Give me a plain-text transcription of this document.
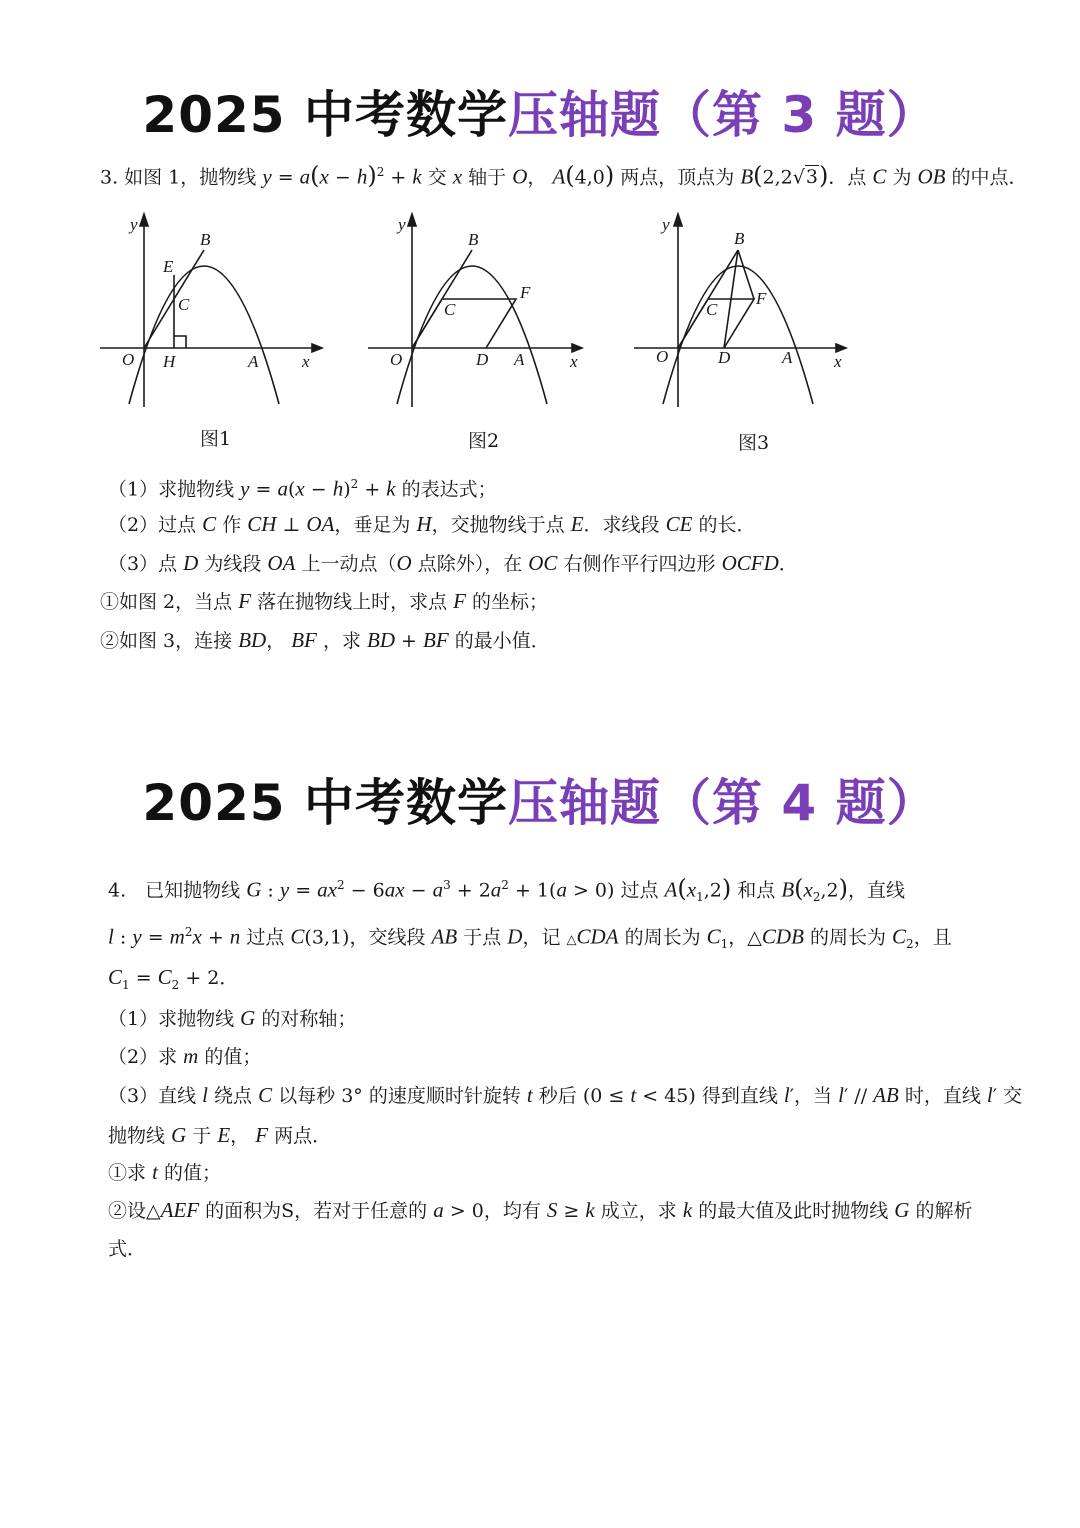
2025 中考数学压轴题（第 3 题）
3. 如图 1，抛物线 $y = a(x - h)^2 + k$ 交 x 轴于 O， A(4,0) 两点，顶点为 B(2,2√3)．点 C 为 OB 的中点．
y
x
O
B
E
C
H	A
图1
y
x
O
B
C
F
D A
图2
y
x
O
B
C
F
D	A
图3
（1）求抛物线 $y = a(x - h)^2 + k$ 的表达式；
（2）过点 C 作 CH ⊥ OA，垂足为 H，交抛物线于点 E．求线段 CE 的长．
（3）点 D 为线段 OA 上一动点（O 点除外），在 OC 右侧作平行四边形 OCFD．
①如图 2，当点 F 落在抛物线上时，求点 F 的坐标；
②如图 3，连接 BD， BF ，求 BD + BF 的最小值．
2025 中考数学压轴题（第 4 题）
4.　已知抛物线 G : $y = ax^2 - 6ax - a^3 + 2a^2 + 1(a > 0)$ 过点 $A(x_1,2)$ 和点 $B(x_2,2)$，直线
l : $y = m^2x + n$ 过点 C(3,1)，交线段 AB 于点 D，记 △CDA 的周长为 $C_1$，△CDB 的周长为 $C_2$，且
$C_1 = C_2 + 2$．
（1）求抛物线 G 的对称轴；
（2）求 m 的值；
（3）直线 l 绕点 C 以每秒 3° 的速度顺时针旋转 t 秒后 (0 ≤ t < 45) 得到直线 l′，当 l′ // AB 时，直线 l′ 交
抛物线 G 于 E， F 两点．
①求 t 的值；
②设△AEF 的面积为S，若对于任意的 a > 0，均有 S ≥ k 成立，求 k 的最大值及此时抛物线 G 的解析
式．
